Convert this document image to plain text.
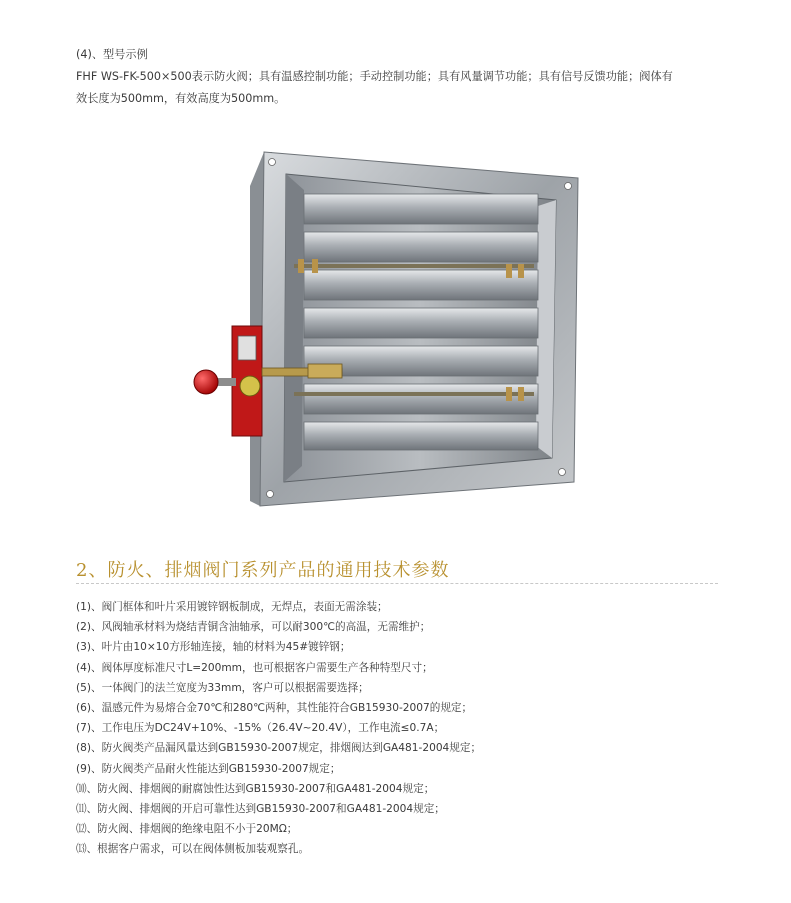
(4)、型号示例

FHF WS-FK-500×500表示防火阀；具有温感控制功能；手动控制功能；具有风量调节功能；具有信号反馈功能；阀体有

效长度为500mm，有效高度为500mm。

2、防火、排烟阀门系列产品的通用技术参数
(1)、阀门框体和叶片采用镀锌钢板制成，无焊点，表面无需涂装；
(2)、风阀轴承材料为烧结青铜含油轴承，可以耐300℃的高温，无需维护；
(3)、叶片由10×10方形轴连接，轴的材料为45#镀锌钢；
(4)、阀体厚度标准尺寸L=200mm，也可根据客户需要生产各种特型尺寸；
(5)、一体阀门的法兰宽度为33mm，客户可以根据需要选择；
(6)、温感元件为易熔合金70℃和280℃两种，其性能符合GB15930-2007的规定；
(7)、工作电压为DC24V+10%、-15%（26.4V~20.4V），工作电流≤0.7A；
(8)、防火阀类产品漏风量达到GB15930-2007规定，排烟阀达到GA481-2004规定；
(9)、防火阀类产品耐火性能达到GB15930-2007规定；
⑽、防火阀、排烟阀的耐腐蚀性达到GB15930-2007和GA481-2004规定；
⑾、防火阀、排烟阀的开启可靠性达到GB15930-2007和GA481-2004规定；
⑿、防火阀、排烟阀的绝缘电阻不小于20MΩ；
⒀、根据客户需求，可以在阀体侧板加装观察孔。
